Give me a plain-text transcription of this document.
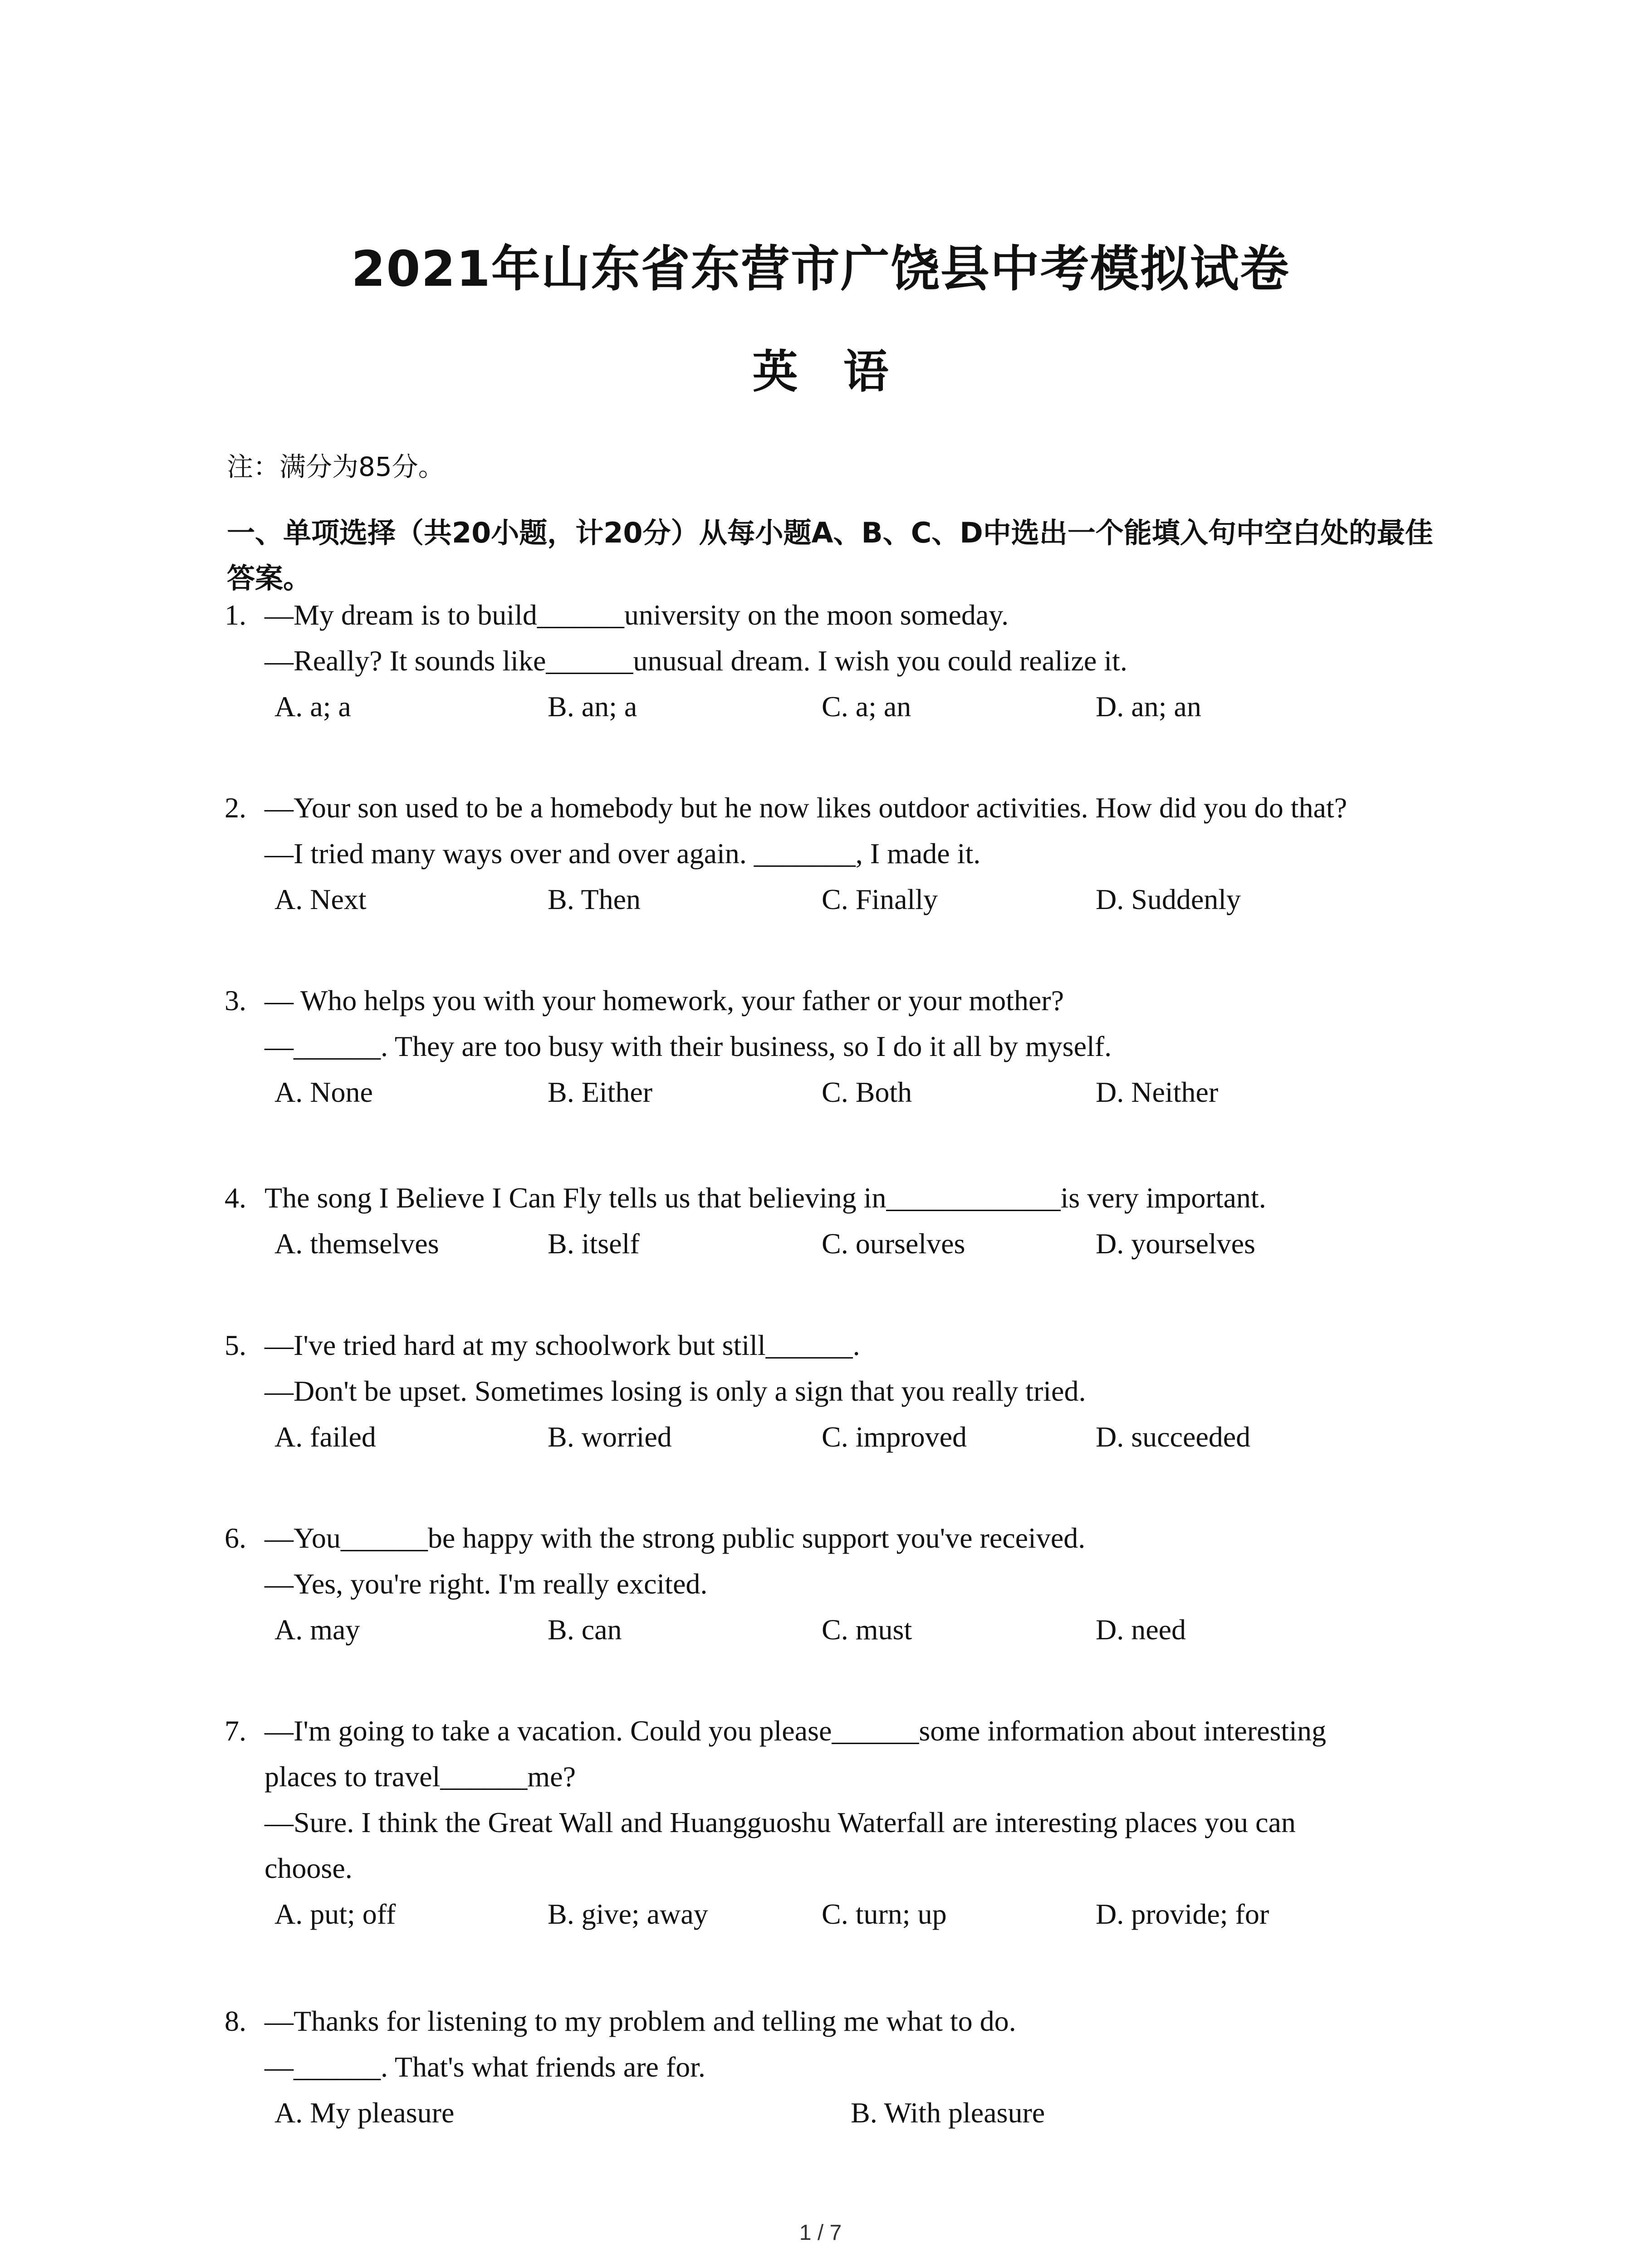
2021年山东省东营市广饶县中考模拟试卷
英　语
注：满分为85分。
一、单项选择（共20小题，计20分）从每小题A、B、C、D中选出一个能填入句中空白处的最佳答案。
1. —My dream is to build______university on the moon someday.
—Really? It sounds like______unusual dream. I wish you could realize it.
A. a; a	B. an; a	C. a; an	D. an; an
2. —Your son used to be a homebody but he now likes outdoor activities. How did you do that?
—I tried many ways over and over again. _______, I made it.
A. Next	B. Then	C. Finally	D. Suddenly
3. — Who helps you with your homework, your father or your mother?
—______. They are too busy with their business, so I do it all by myself.
A. None	B. Either	C. Both	D. Neither
4. The song I Believe I Can Fly tells us that believing in____________is very important.
A. themselves	B. itself	C. ourselves	D. yourselves
5. —I've tried hard at my schoolwork but still______.
—Don't be upset. Sometimes losing is only a sign that you really tried.
A. failed	B. worried	C. improved	D. succeeded
6. —You______be happy with the strong public support you've received.
—Yes, you're right. I'm really excited.
A. may	B. can	C. must	D. need
7. —I'm going to take a vacation. Could you please______some information about interesting
places to travel______me?
—Sure. I think the Great Wall and Huangguoshu Waterfall are interesting places you can
choose.
A. put; off	B. give; away	C. turn; up	D. provide; for
8. —Thanks for listening to my problem and telling me what to do.
—______. That's what friends are for.
A. My pleasure	B. With pleasure
1 / 7
